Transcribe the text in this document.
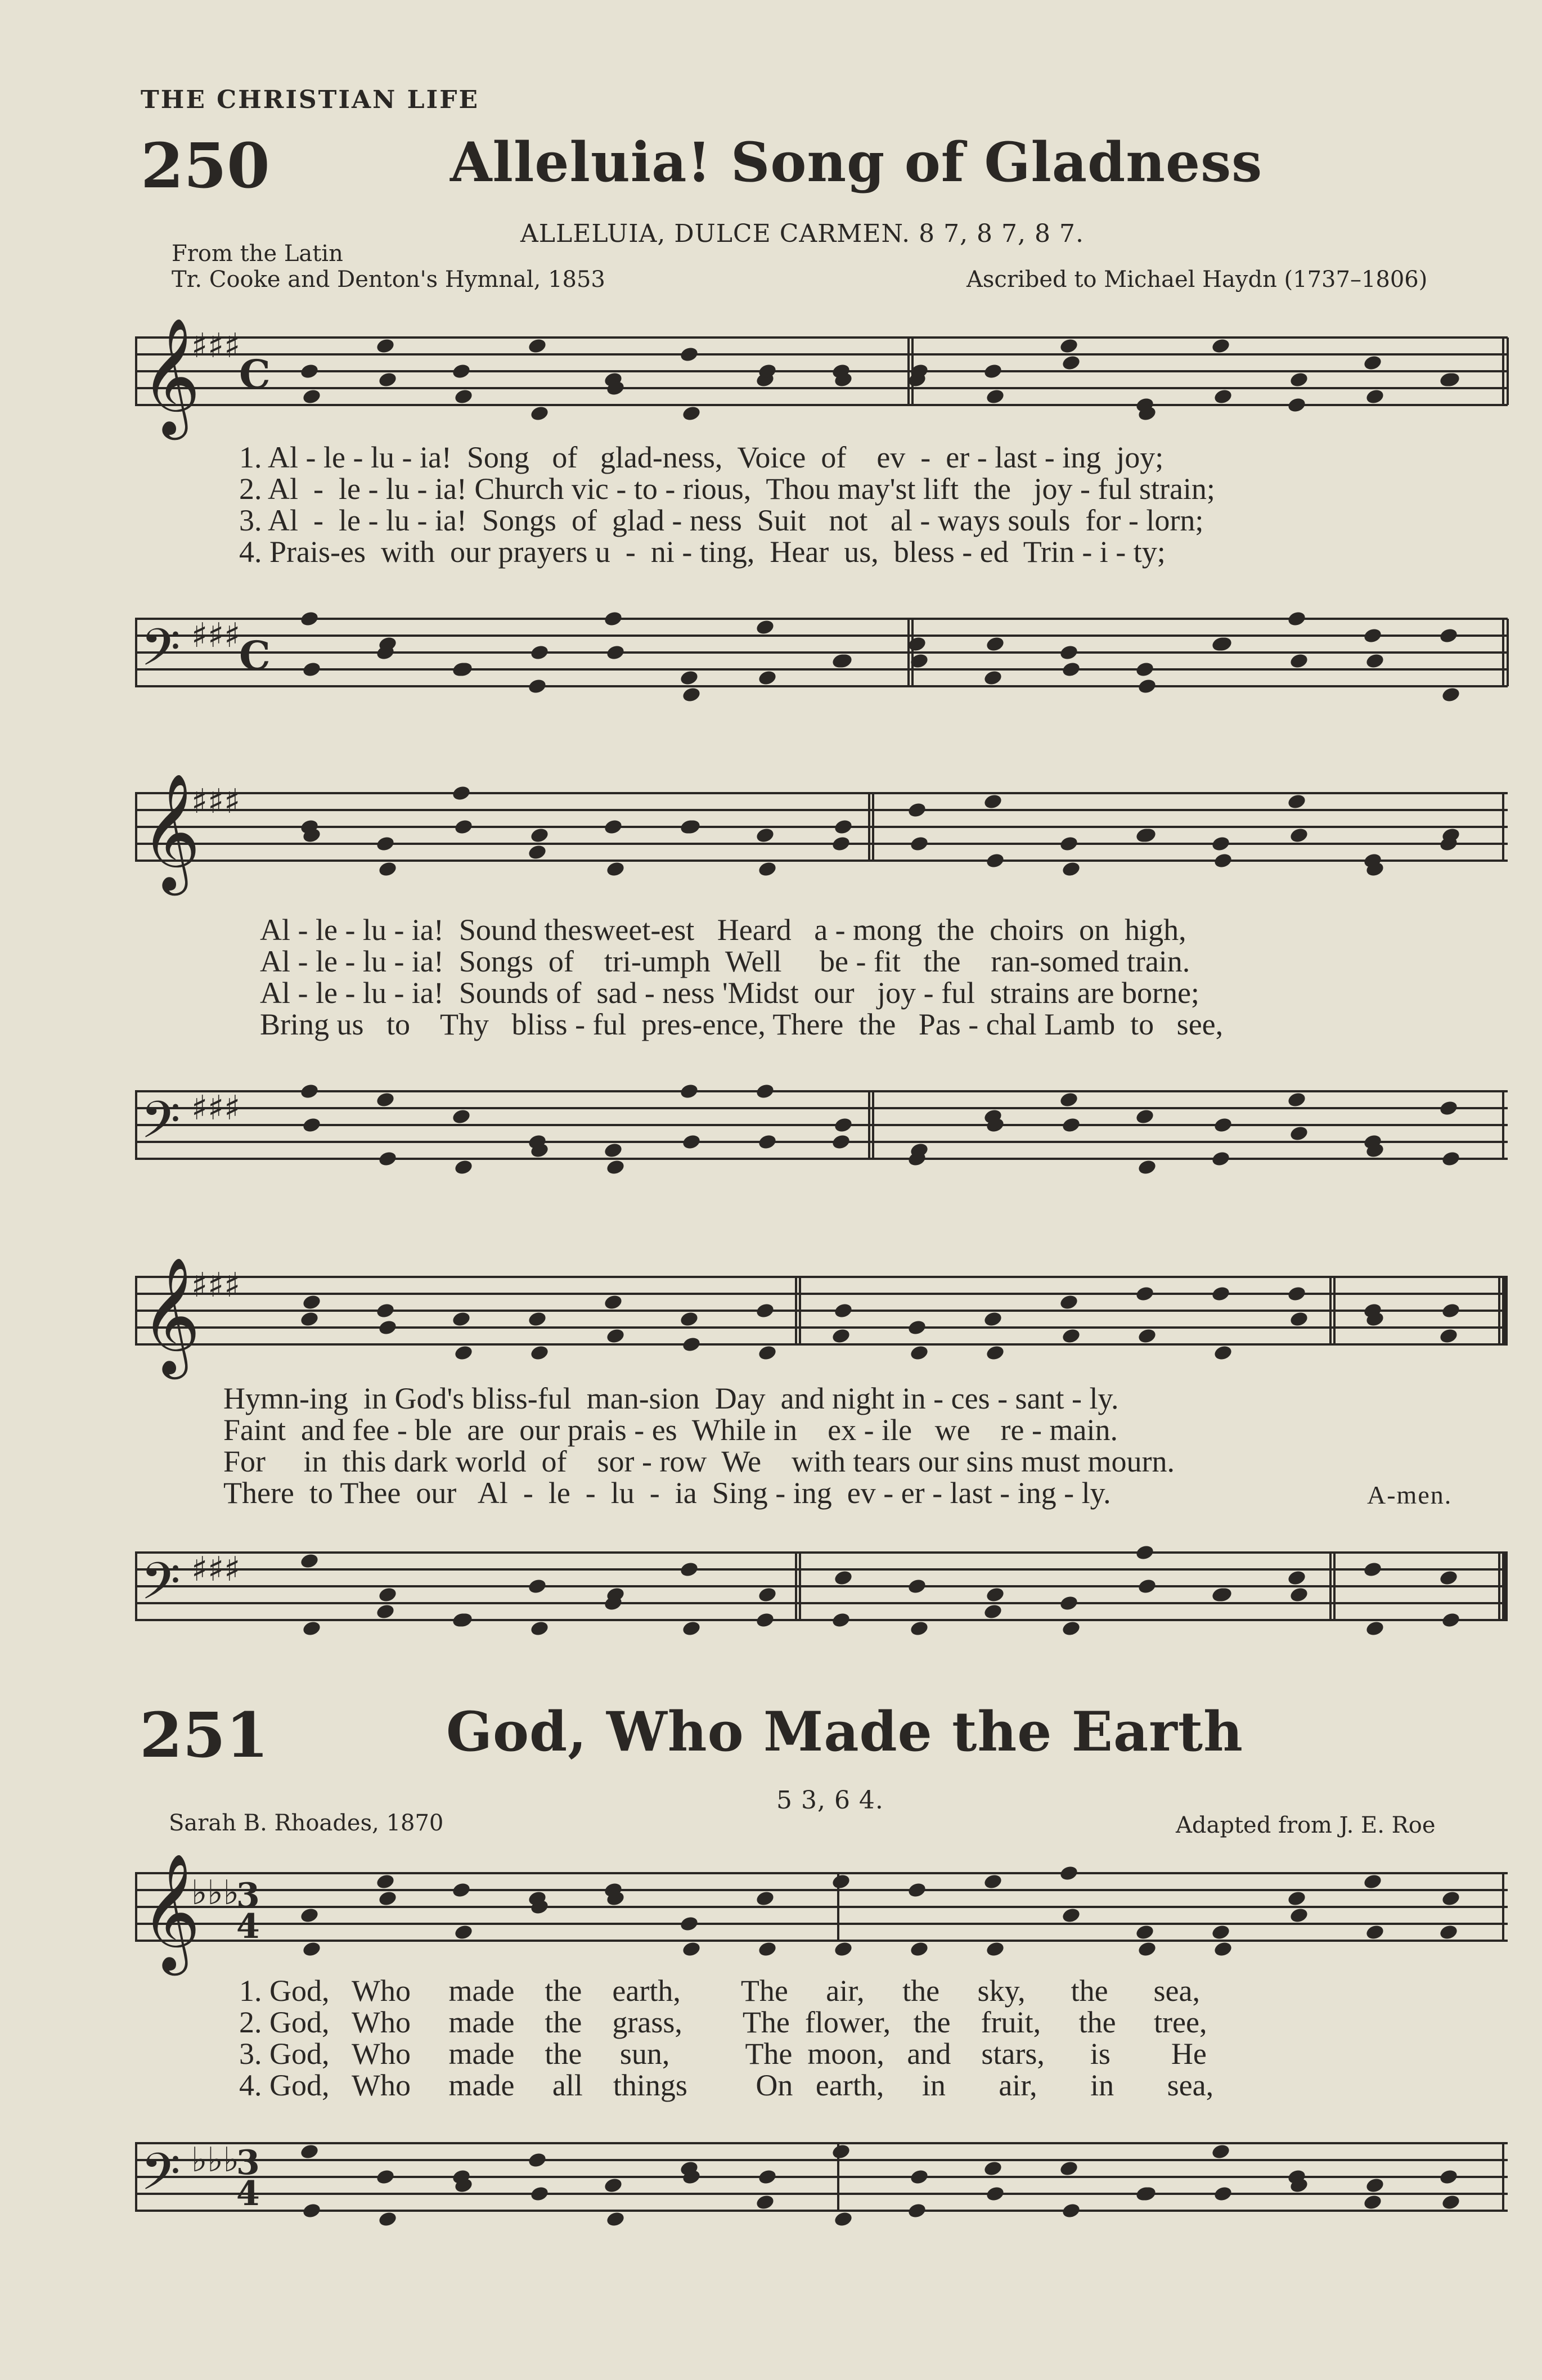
THE CHRISTIAN LIFE
250	Alleluia! Song of Gladness
ALLELUIA, DULCE CARMEN. 8 7, 8 7, 8 7.
From the Latin
Tr. Cooke and Denton's Hymnal, 1853	Ascribed to Michael Haydn (1737–1806)
𝄞
♯♯♯
C
𝄢 ♯♯♯
C
1. Al - le - lu - ia!  Song   of   glad-ness,  Voice  of    ev  -  er - last - ing  joy;
2. Al  -  le - lu - ia! Church vic - to - rious,  Thou may'st lift  the   joy - ful strain;
3. Al  -  le - lu - ia!  Songs  of  glad - ness  Suit   not   al - ways souls  for - lorn;
4. Prais-es  with  our prayers u  -  ni - ting,  Hear  us,  bless - ed  Trin - i - ty;
𝄞
♯♯♯
Al - le - lu - ia!  Sound thesweet-est   Heard   a - mong  the  choirs  on  high,
Al - le - lu - ia!  Songs  of    tri-umph  Well     be - fit   the    ran-somed train.
Al - le - lu - ia!  Sounds of  sad - ness 'Midst  our   joy - ful  strains are borne;
Bring us   to    Thy   bliss - ful  pres-ence, There  the   Pas - chal Lamb  to   see,
𝄢 ♯♯♯
𝄞
♯♯♯
Hymn-ing  in God's bliss-ful  man-sion  Day  and night in - ces - sant - ly.
Faint  and fee - ble  are  our prais - es  While in    ex - ile   we    re - main.
For     in  this dark world  of    sor - row  We    with tears our sins must mourn.
There  to Thee  our   Al  -  le  -  lu  -  ia  Sing - ing  ev - er - last - ing - ly.	A-men.
𝄢 ♯♯♯
251	God, Who Made the Earth
5 3, 6 4.
Sarah B. Rhoades, 1870	Adapted from J. E. Roe
𝄞
♭♭♭
3
4
1. God,   Who     made    the    earth,        The     air,     the     sky,      the      sea,
2. God,   Who     made    the    grass,        The  flower,   the    fruit,     the     tree,
3. God,   Who     made    the     sun,          The  moon,   and    stars,      is        He
4. God,   Who     made     all    things         On   earth,     in       air,       in       sea,
𝄢 ♭♭♭
3
4
